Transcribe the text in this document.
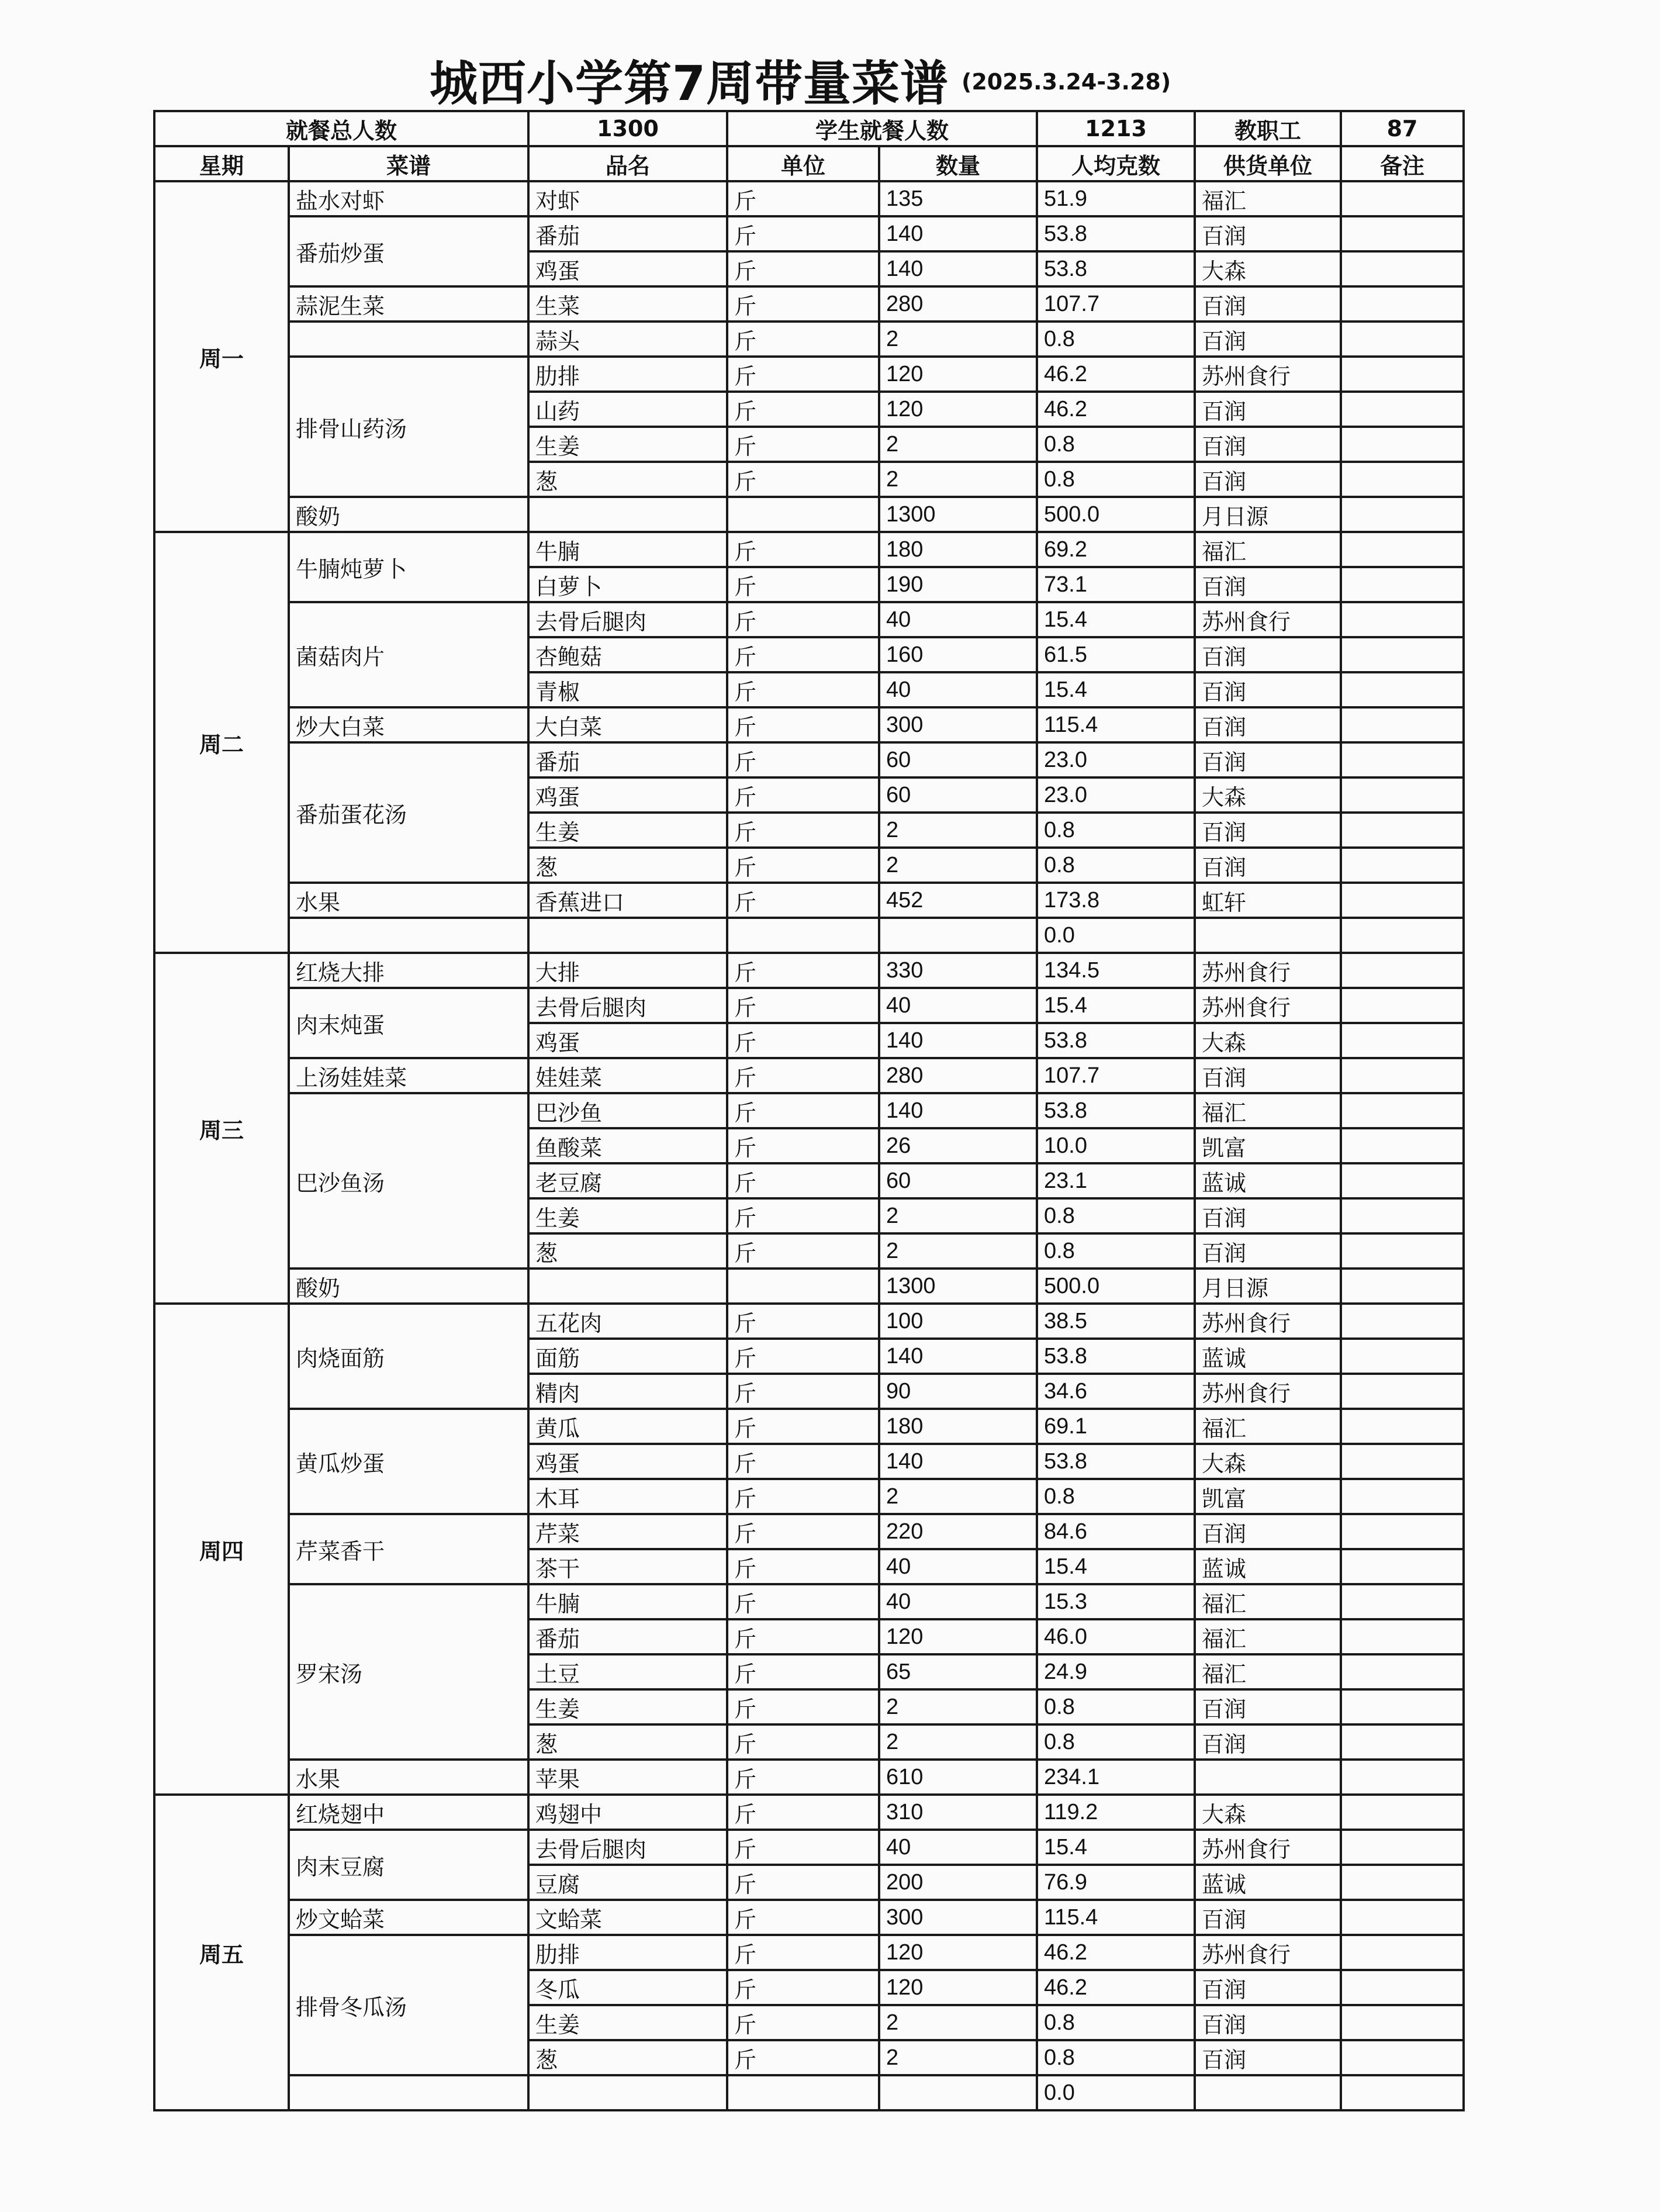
城西小学第7周带量菜谱 (2025.3.24-3.28)
就餐总人数		1300	学生就餐人数		1213	教职工	87
星期	菜谱	品名	单位	数量	人均克数	供货单位	备注
周一	盐水对虾	对虾	斤	135	51.9	福汇	
	番茄炒蛋	番茄	斤	140	53.8	百润	
		鸡蛋	斤	140	53.8	大森	
	蒜泥生菜	生菜	斤	280	107.7	百润	
		蒜头	斤	2	0.8	百润	
	排骨山药汤	肋排	斤	120	46.2	苏州食行	
		山药	斤	120	46.2	百润	
		生姜	斤	2	0.8	百润	
		葱	斤	2	0.8	百润	
	酸奶			1300	500.0	月日源	
周二	牛腩炖萝卜	牛腩	斤	180	69.2	福汇	
		白萝卜	斤	190	73.1	百润	
	菌菇肉片	去骨后腿肉	斤	40	15.4	苏州食行	
		杏鲍菇	斤	160	61.5	百润	
		青椒	斤	40	15.4	百润	
	炒大白菜	大白菜	斤	300	115.4	百润	
	番茄蛋花汤	番茄	斤	60	23.0	百润	
		鸡蛋	斤	60	23.0	大森	
		生姜	斤	2	0.8	百润	
		葱	斤	2	0.8	百润	
	水果	香蕉进口	斤	452	173.8	虹轩	
					0.0		
周三	红烧大排	大排	斤	330	134.5	苏州食行	
	肉末炖蛋	去骨后腿肉	斤	40	15.4	苏州食行	
		鸡蛋	斤	140	53.8	大森	
	上汤娃娃菜	娃娃菜	斤	280	107.7	百润	
	巴沙鱼汤	巴沙鱼	斤	140	53.8	福汇	
		鱼酸菜	斤	26	10.0	凯富	
		老豆腐	斤	60	23.1	蓝诚	
		生姜	斤	2	0.8	百润	
		葱	斤	2	0.8	百润	
	酸奶			1300	500.0	月日源	
周四	肉烧面筋	五花肉	斤	100	38.5	苏州食行	
		面筋	斤	140	53.8	蓝诚	
		精肉	斤	90	34.6	苏州食行	
	黄瓜炒蛋	黄瓜	斤	180	69.1	福汇	
		鸡蛋	斤	140	53.8	大森	
		木耳	斤	2	0.8	凯富	
	芹菜香干	芹菜	斤	220	84.6	百润	
		茶干	斤	40	15.4	蓝诚	
	罗宋汤	牛腩	斤	40	15.3	福汇	
		番茄	斤	120	46.0	福汇	
		土豆	斤	65	24.9	福汇	
		生姜	斤	2	0.8	百润	
		葱	斤	2	0.8	百润	
	水果	苹果	斤	610	234.1		
周五	红烧翅中	鸡翅中	斤	310	119.2	大森	
	肉末豆腐	去骨后腿肉	斤	40	15.4	苏州食行	
		豆腐	斤	200	76.9	蓝诚	
	炒文蛤菜	文蛤菜	斤	300	115.4	百润	
	排骨冬瓜汤	肋排	斤	120	46.2	苏州食行	
		冬瓜	斤	120	46.2	百润	
		生姜	斤	2	0.8	百润	
		葱	斤	2	0.8	百润	
					0.0		
